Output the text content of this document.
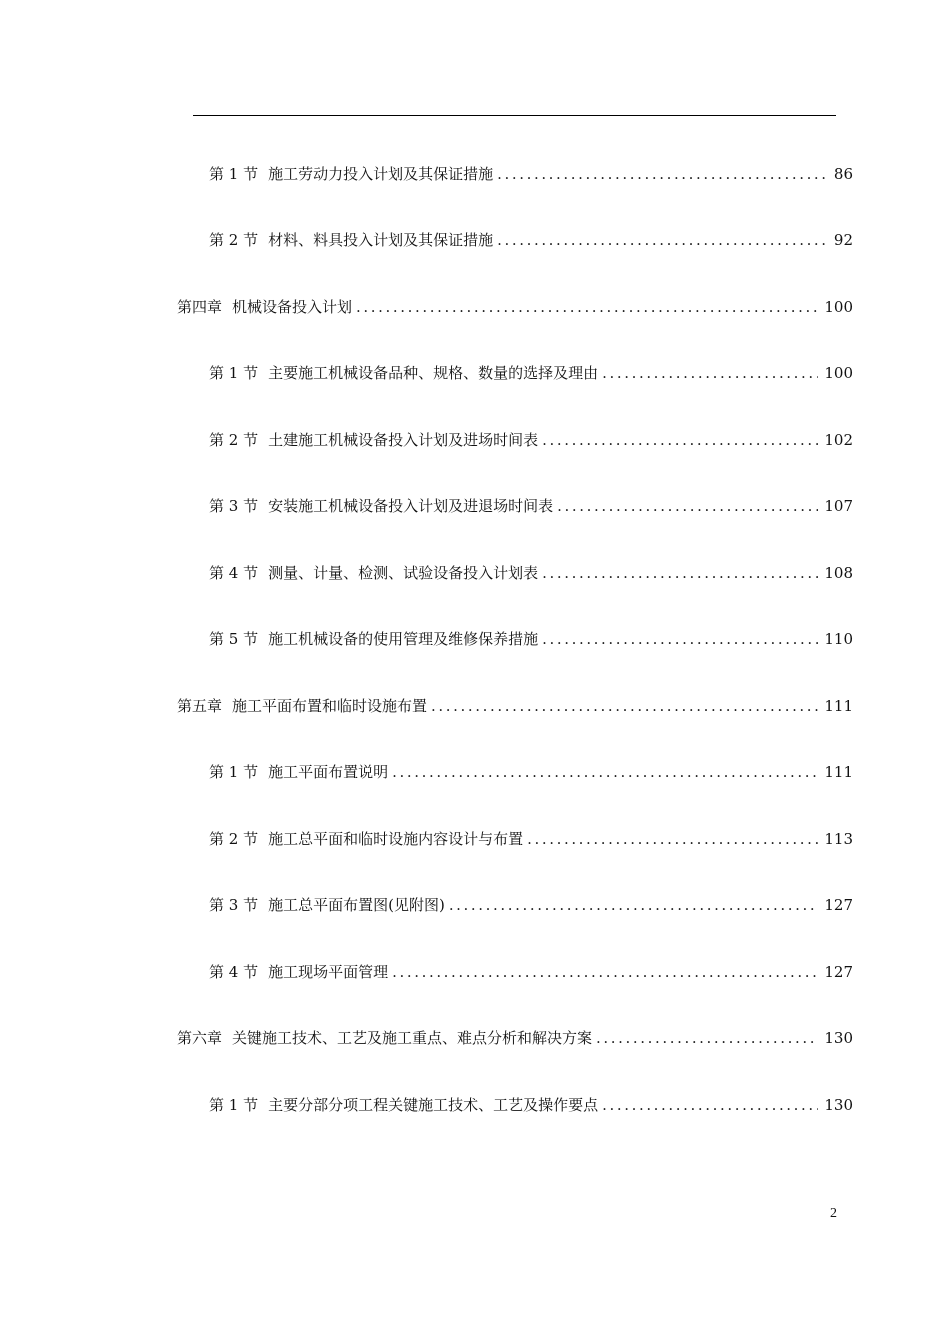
第 1 节 施工劳动力投入计划及其保证措施 .....	86
第 2 节 材料、料具投入计划及其保证措施 .....	92
第四章 机械设备投入计划 .....	100
第 1 节 主要施工机械设备品种、规格、数量的选择及理由 .....	100
第 2 节 土建施工机械设备投入计划及进场时间表 .....	102
第 3 节 安装施工机械设备投入计划及进退场时间表 .....	107
第 4 节 测量、计量、检测、试验设备投入计划表 .....	108
第 5 节 施工机械设备的使用管理及维修保养措施 .....	110
第五章 施工平面布置和临时设施布置 .....	111
第 1 节 施工平面布置说明 .....	111
第 2 节 施工总平面和临时设施内容设计与布置 .....	113
第 3 节 施工总平面布置图(见附图) .....	127
第 4 节 施工现场平面管理 .....	127
第六章 关键施工技术、工艺及施工重点、难点分析和解决方案 .....	130
第 1 节 主要分部分项工程关键施工技术、工艺及操作要点 .....	130
2
